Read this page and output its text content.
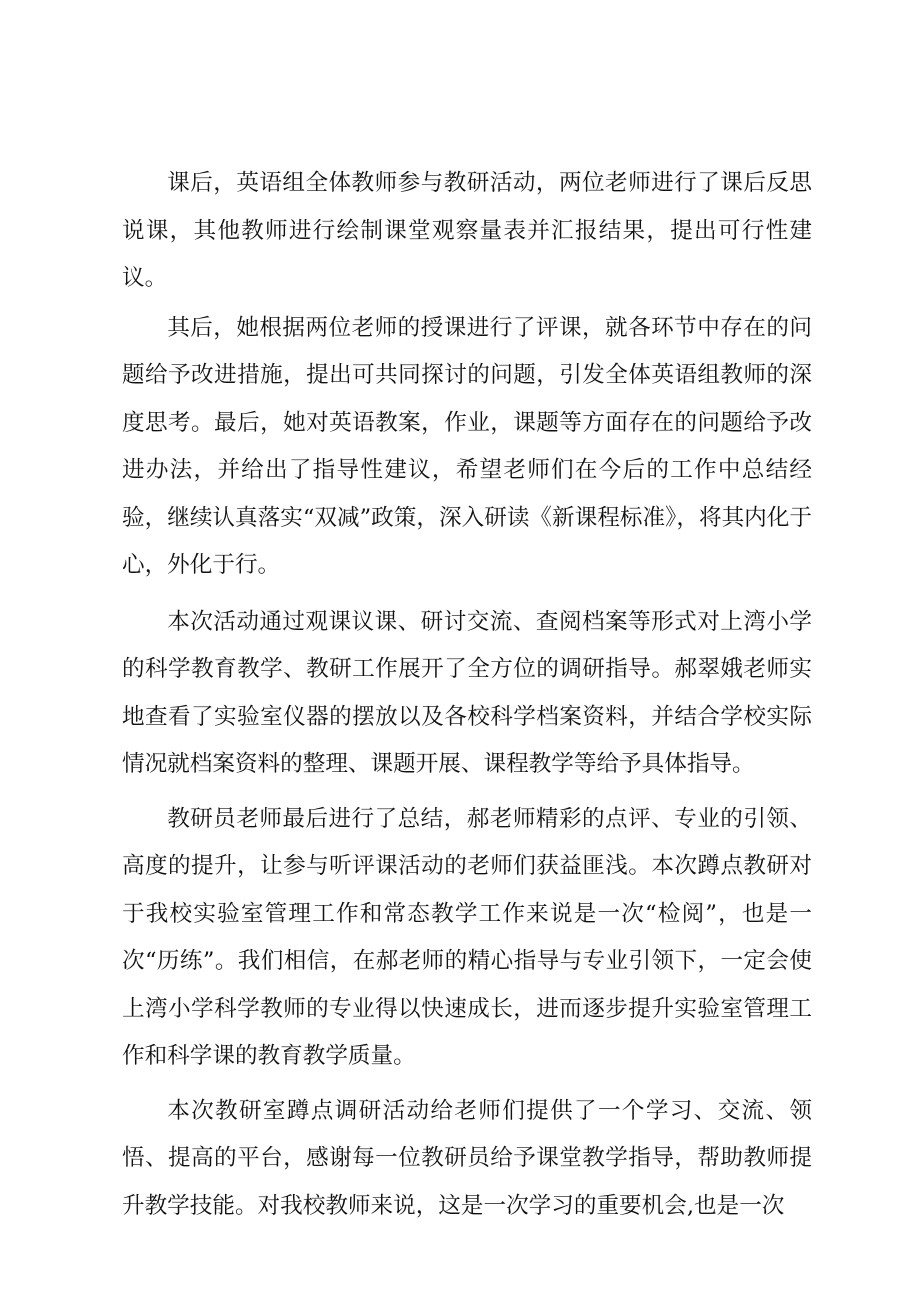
课后，英语组全体教师参与教研活动，两位老师进行了课后反思说课，其他教师进行绘制课堂观察量表并汇报结果，提出可行性建议。

其后，她根据两位老师的授课进行了评课，就各环节中存在的问题给予改进措施，提出可共同探讨的问题，引发全体英语组教师的深度思考。最后，她对英语教案，作业，课题等方面存在的问题给予改进办法，并给出了指导性建议，希望老师们在今后的工作中总结经验，继续认真落实“双减”政策，深入研读《新课程标准》，将其内化于心，外化于行。

本次活动通过观课议课、研讨交流、查阅档案等形式对上湾小学的科学教育教学、教研工作展开了全方位的调研指导。郝翠娥老师实地查看了实验室仪器的摆放以及各校科学档案资料，并结合学校实际情况就档案资料的整理、课题开展、课程教学等给予具体指导。

教研员老师最后进行了总结，郝老师精彩的点评、专业的引领、高度的提升，让参与听评课活动的老师们获益匪浅。本次蹲点教研对于我校实验室管理工作和常态教学工作来说是一次“检阅”，也是一次“历练”。我们相信，在郝老师的精心指导与专业引领下，一定会使上湾小学科学教师的专业得以快速成长，进而逐步提升实验室管理工作和科学课的教育教学质量。

本次教研室蹲点调研活动给老师们提供了一个学习、交流、领悟、提高的平台，感谢每一位教研员给予课堂教学指导，帮助教师提升教学技能。对我校教师来说，这是一次学习的重要机会,也是一次
